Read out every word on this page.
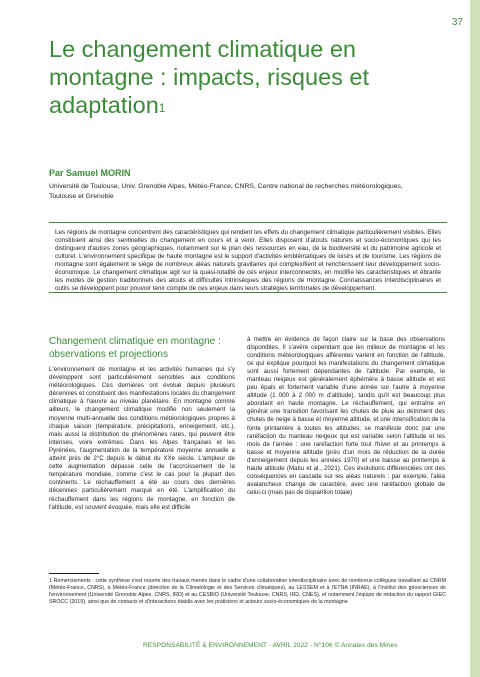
37
Le changement climatique en montagne : impacts, risques et adaptation$^1$
Par Samuel MORIN
Université de Toulouse, Univ. Grenoble Alpes, Météo-France, CNRS, Centre national de recherches météorologiques, Toulouse et Grenoble

Les régions de montagne concentrent des caractéristiques qui rendent les effets du changement climatique particulièrement visibles. Elles constituent ainsi des sentinelles du changement en cours et à venir. Elles disposent d'atouts naturels et socio-économiques qui les distinguent d'autres zones géographiques, notamment sur le plan des ressources en eau, de la biodiversité et du patrimoine agricole et culturel. L'environnement spécifique de haute montagne est le support d'activités emblématiques de loisirs et de tourisme. Les régions de montagne sont également le siège de nombreux aléas naturels gravitaires qui complexifient et renchérissent leur développement socio-économique. Le changement climatique agit sur la quasi-totalité de ces enjeux interconnectés, en modifie les caractéristiques et ébranle les modes de gestion traditionnels des atouts et difficultés intrinsèques des régions de montagne. Connaissances interdisciplinaires et outils se développent pour pouvoir tenir compte de ces enjeux dans leurs stratégies territoriales de développement.

Changement climatique en montagne : observations et projections

L'environnement de montagne et les activités humaines qui s'y développent sont particulièrement sensibles aux conditions météorologiques. Ces dernières ont évolué depuis plusieurs décennies et constituent des manifestations locales du changement climatique à l'œuvre au niveau planétaire. En montagne comme ailleurs, le changement climatique modifie non seulement la moyenne multi-annuelle des conditions météorologiques propres à chaque saison (température, précipitations, enneigement, etc.), mais aussi la distribution de phénomènes rares, qui peuvent être intenses, voire extrêmes. Dans les Alpes françaises et les Pyrénées, l'augmentation de la température moyenne annuelle a atteint près de 2°C depuis le début du XXe siècle. L'ampleur de cette augmentation dépasse celle de l'accroissement de la température mondiale, comme c'est le cas pour la plupart des continents. Le réchauffement a été au cours des dernières décennies particulièrement marqué en été. L'amplification du réchauffement dans les régions de montagne, en fonction de l'altitude, est souvent évoquée, mais elle est difficile

à mettre en évidence de façon claire sur la base des observations disponibles. Il s'avère cependant que les milieux de montagne et les conditions météorologiques afférentes varient en fonction de l'altitude, ce qui explique pourquoi les manifestations du changement climatique sont aussi fortement dépendantes de l'altitude. Par exemple, le manteau neigeux est généralement éphémère à basse altitude et est peu épais et fortement variable d'une année sur l'autre à moyenne altitude (1 000 à 2 000 m d'altitude), tandis qu'il est beaucoup plus abondant en haute montagne. Le réchauffement, qui entraîne en général une transition favorisant les chutes de pluie au détriment des chutes de neige à basse et moyenne altitude, et une intensification de la fonte printanière à toutes les altitudes, se manifeste donc par une raréfaction du manteau neigeux qui est variable selon l'altitude et les mois de l'année : une raréfaction forte tout l'hiver et au printemps à basse et moyenne altitude (près d'un mois de réduction de la durée d'enneigement depuis les années 1970) et une baisse au printemps à haute altitude (Matiu et al., 2021). Ces évolutions différenciées ont des conséquences en cascade sur les aléas naturels : par exemple, l'aléa avalancheux change de caractère, avec une raréfaction globale de celui-ci (mais pas de disparition totale)

1 Remerciements : cette synthèse s'est nourrie des travaux menés dans le cadre d'une collaboration interdisciplinaire avec de nombreux collègues travaillant au CNRM (Météo-France, CNRS), à Météo-France (direction de la Climatologie et des Services climatiques), au LESSEM et à l'ETNA (INRAE), à l'Institut des géosciences de l'environnement (Université Grenoble Alpes, CNRS, IRD) et au CESBIO (Université Toulouse, CNRS, IRD, CNES), et notamment l'équipe de rédaction du rapport GIEC SROCC (2019), ainsi que de contacts et d'interactions établis avec les praticiens et acteurs socio-économiques de la montagne.

RESPONSABILITÉ & ENVIRONNEMENT - AVRIL 2022 - N°106 © Annales des Mines
